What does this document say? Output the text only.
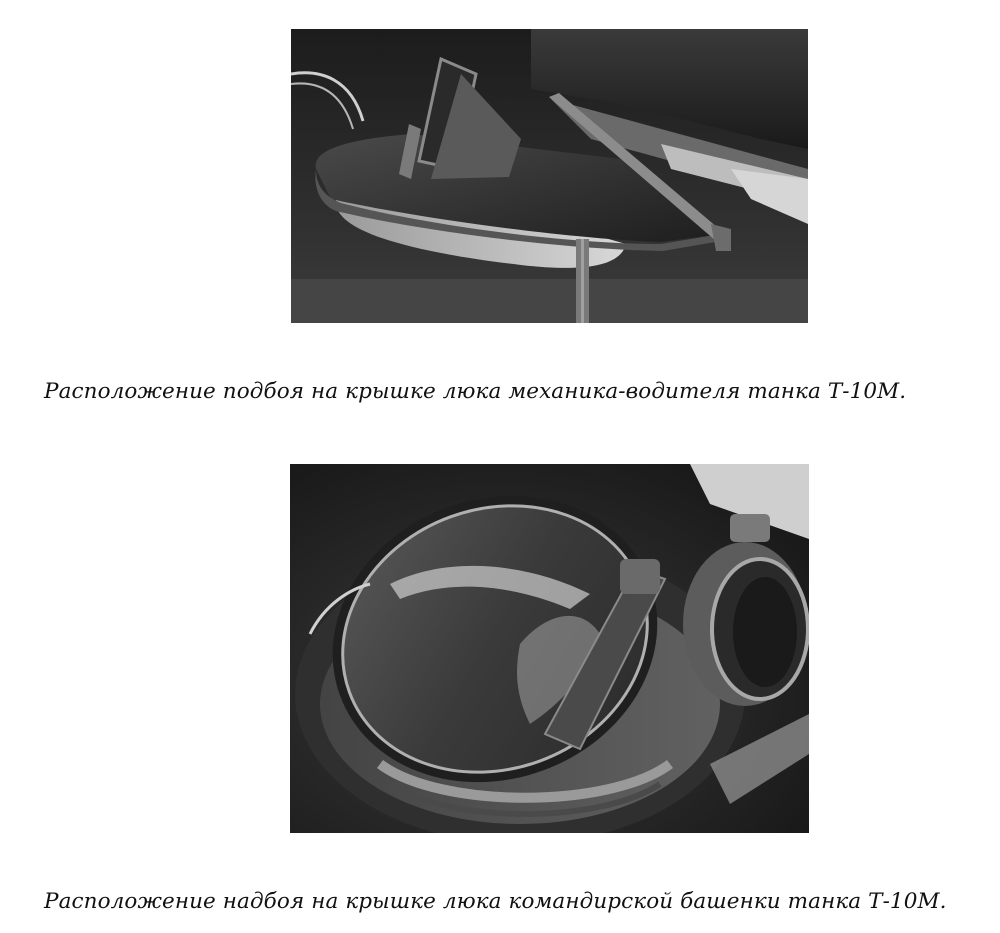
Расположение подбоя на крышке люка механика-водителя танка Т-10М.

Расположение надбоя на крышке люка командирской башенки танка Т-10М.
